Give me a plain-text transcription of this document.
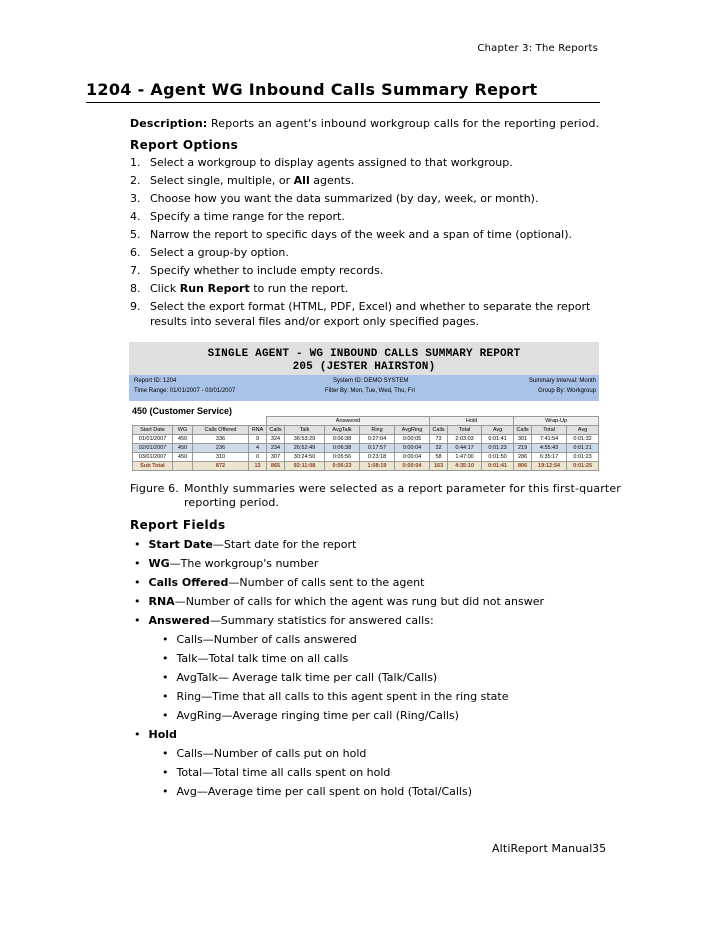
Chapter 3: The Reports
1204 - Agent WG Inbound Calls Summary Report
Description: Reports an agent's inbound workgroup calls for the reporting period.
Report Options
1. Select a workgroup to display agents assigned to that workgroup.
2. Select single, multiple, or All agents.
3. Choose how you want the data summarized (by day, week, or month).
4. Specify a time range for the report.
5. Narrow the report to specific days of the week and a span of time (optional).
6. Select a group-by option.
7. Specify whether to include empty records.
8. Click Run Report to run the report.
9. Select the export format (HTML, PDF, Excel) and whether to separate the report
results into several files and/or export only specified pages.
SINGLE AGENT - WG INBOUND CALLS SUMMARY REPORT
205 (JESTER HAIRSTON)
Report ID: 1204
Time Range: 01/01/2007 - 03/01/2007
System ID: DEMO SYSTEM
Filter By: Mon, Tue, Wed, Thu, Fri
Summary Interval: Month
Group By: Workgroup
450 (Customer Service)
				Answered					Hold			Wrap-Up		
Start Date	WG	Calls Offered	RNA	Calls	Talk	AvgTalk	Ring	AvgRing	Calls	Total	Avg	Calls	Total	Avg
01/01/2007	450	336	9	324	36:53:29	0:06:38	0:27:04	0:00:05	73	2:03:03	0:01:41	301	7:41:54	0:01:32
02/01/2007	450	236	4	234	26:52:49	0:06:38	0:17:57	0:00:04	32	0:44:17	0:01:23	219	4:55:43	0:01:21
03/01/2007	450	310	0	307	30:24:50	0:05:56	0:23:18	0:00:04	58	1:47:00	0:01:50	286	6:35:17	0:01:23
Sub Total		872	13	865	92:11:08	0:06:23	1:08:19	0:00:04	163	4:35:10	0:01:41	806	19:12:54	0:01:25
Figure 6. Monthly summaries were selected as a report parameter for this first-quarter
reporting period.
Report Fields
• Start Date—Start date for the report
• WG—The workgroup's number
• Calls Offered—Number of calls sent to the agent
• RNA—Number of calls for which the agent was rung but did not answer
• Answered—Summary statistics for answered calls:
• Calls—Number of calls answered
• Talk—Total talk time on all calls
• AvgTalk— Average talk time per call (Talk/Calls)
• Ring—Time that all calls to this agent spent in the ring state
• AvgRing—Average ringing time per call (Ring/Calls)
• Hold
• Calls—Number of calls put on hold
• Total—Total time all calls spent on hold
• Avg—Average time per call spent on hold (Total/Calls)
AltiReport Manual 35
